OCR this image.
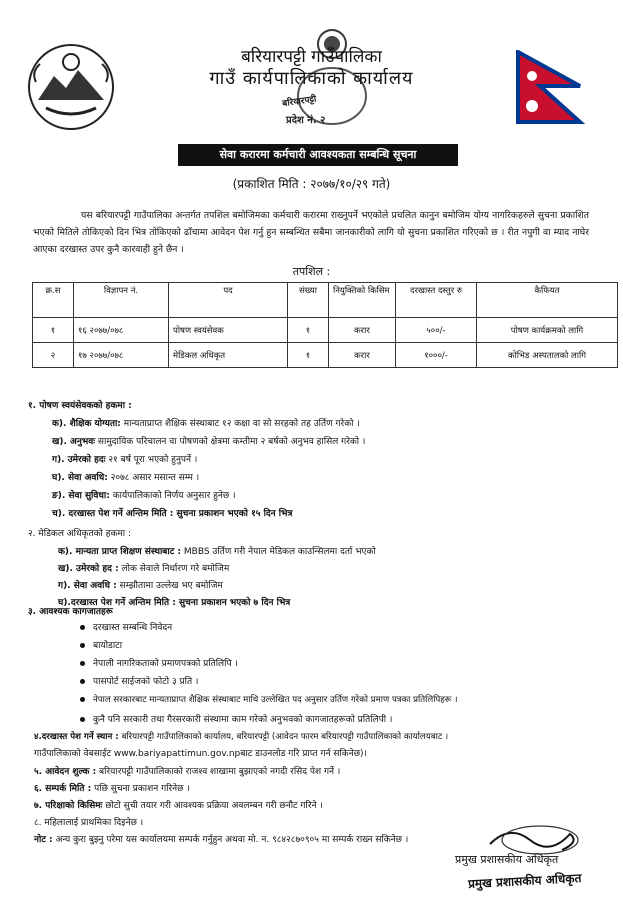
बरियारपट्टी गाउँपालिका
गाउँ कार्यपालिकाको कार्यालय
बरियारपट्टी
प्रदेश नं. २
सेवा करारमा कर्मचारी आवश्यकता सम्बन्धि सूचना
(प्रकाशित मिति : २०७७/१०/२९ गते)
यस बरियारपट्टी गाउँपालिका अन्तर्गत तपशिल बमोजिमका कर्मचारी करारमा राख्नुपर्ने भएकोले प्रचलित कानुन बमोजिम योग्य नागरिकहरुले सुचना प्रकाशित भएको मितिले तोकिएको दिन भित्र तोकिएको ढाँचामा आवेदन पेश गर्नु हुन सम्बन्धित सबैमा जानकारीको लागि यो सुचना प्रकाशित गरिएको छ । रीत नपुगी वा म्याद नाघेर आएका दरखास्त उपर कुनै कारवाही हुने छैन ।
तपशिल :
क्र.स	विज्ञापन नं.	पद	संख्या	नियुक्तिको किसिम	दरखास्त दस्तुर रु	कैफियत
१	१६ २०७७/०७८	पोषण स्वयंसेवक	१	करार	५००/-	पोषण कार्यक्रमको लागि
२	१७ २०७७/०७८	मेडिकल अधिकृत	१	करार	१०००/-	कोभिड अस्पतालको लागि
१. पोषण स्वयंसेवकको हकमा :
क). शैक्षिक योग्यता: मान्यताप्राप्त शैक्षिक संस्थाबाट १२ कक्षा वा सो सरहको तह उर्तिण गरेको ।
ख). अनुभवः सामुदायिक परिचालन वा पोषणको क्षेत्रमा कम्तीमा २ बर्षको अनुभव हासिल गरेको ।
ग). उमेरको हदः २१ बर्ष पूरा भएको हुनुपर्ने ।
घ). सेवा अवधि: २०७८ असार मसान्त सम्म ।
ङ). सेवा सुविधा: कार्यपालिकाको निर्णय अनुसार हुनेछ ।
च). दरखास्त पेश गर्ने अन्तिम मिति : सुचना प्रकाशन भएको १५ दिन भित्र
२. मेडिकल अधिकृतको हकमा :
क). मान्यता प्राप्त शिक्षण संस्थाबाट : MBBS उर्तिण गरी नेपाल मेडिकल काउन्सिलमा दर्ता भएको
ख). उमेरको हद : लोक सेवाले निर्धारण गरे बमोजिम
ग). सेवा अवधि : सम्झौतामा उल्लेख भए बमोजिम
घ).दरखास्त पेश गर्ने अन्तिम मिति : सुचना प्रकाशन भएको ७ दिन भित्र
३. आवश्यक कागजातहरू
दरखास्त सम्बन्धि निवेदन
बायोडाटा
नेपाली नागरिकताको प्रमाणपत्रको प्रतिलिपि ।
पासपोर्ट साईजको फोटो ३ प्रति ।
नेपाल सरकारबाट मान्यताप्राप्त शैक्षिक संस्थाबाट माथि उल्लेखित पद अनुसार उर्तिण गरेको प्रमाण पत्रका प्रतिलिपिहरू ।
कुनै पनि सरकारी तथा गैरसरकारी संस्थामा काम गरेको अनुभवको कागजातहरूको प्रतिलिपी ।
४.दरखास्त पेश गर्ने स्थान : बरियारपट्टी गाउँपालिकाको कार्यालय, बरियारपट्टी (आवेदन फारम बरियारपट्टी गाउँपालिकाको कार्यालयबाट ।
गाउँपालिकाको वेबसाईट www.bariyapattimun.gov.npबाट डाउनलोड गरि प्राप्त गर्न सकिनेछ)।
५. आवेदन शुल्क : बरियारपट्टी गाउँपालिकाको राजश्व शाखामा बुझाएको नगदी रसिद पेश गर्ने ।
६. सम्पर्क मिति : पछि सुचना प्रकाशन गरिनेछ ।
७. परिक्षाको किसिमः छोटो सुची तयार गरी आवश्यक प्रक्रिया अवलम्बन गरी छनौट गरिने ।
८. महिलालाई प्राथमिका दिइनेछ ।
नोट : अन्य कुरा बुझ्नु परेमा यस कार्यालयमा सम्पर्क गर्नुहुन अथवा मो. न. ९८४२८७०९०५ मा सम्पर्क राख्न सकिनेछ ।
प्रमुख प्रशासकीय अधिकृत
प्रमुख प्रशासकीय अधिकृत
